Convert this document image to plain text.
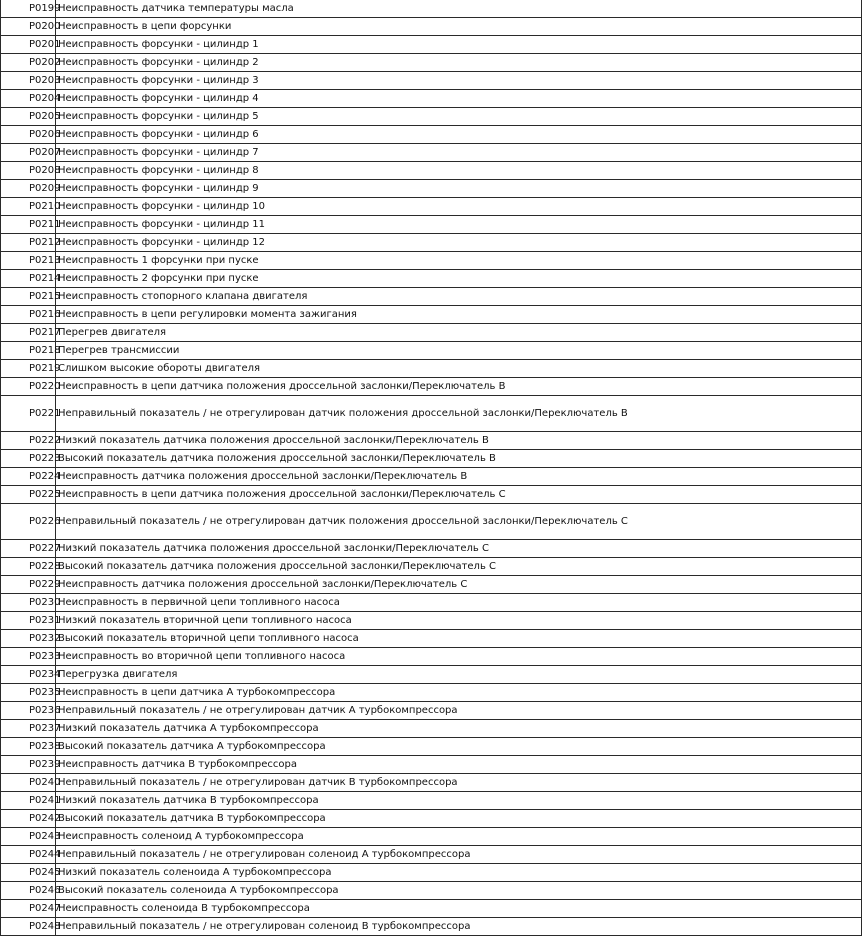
P0199	Неисправность датчика температуры масла
P0200	Неисправность в цепи форсунки
P0201	Неисправность форсунки - цилиндр 1
P0202	Неисправность форсунки - цилиндр 2
P0203	Неисправность форсунки - цилиндр 3
P0204	Неисправность форсунки - цилиндр 4
P0205	Неисправность форсунки - цилиндр 5
P0206	Неисправность форсунки - цилиндр 6
P0207	Неисправность форсунки - цилиндр 7
P0208	Неисправность форсунки - цилиндр 8
P0209	Неисправность форсунки - цилиндр 9
P0210	Неисправность форсунки - цилиндр 10
P0211	Неисправность форсунки - цилиндр 11
P0212	Неисправность форсунки - цилиндр 12
P0213	Неисправность 1 форсунки при пуске
P0214	Неисправность 2 форсунки при пуске
P0215	Неисправность стопорного клапана двигателя
P0216	Неисправность в цепи регулировки момента зажигания
P0217	Перегрев двигателя
P0218	Перегрев трансмиссии
P0219	Слишком высокие обороты двигателя
P0220	Неисправность в цепи датчика положения дроссельной заслонки/Переключатель В
P0221	Неправильный показатель / не отрегулирован датчик положения дроссельной заслонки/Переключатель В
P0222	Низкий показатель датчика положения дроссельной заслонки/Переключатель В
P0223	Высокий показатель датчика положения дроссельной заслонки/Переключатель В
P0224	Неисправность датчика положения дроссельной заслонки/Переключатель В
P0225	Неисправность в цепи датчика положения дроссельной заслонки/Переключатель С
P0226	Неправильный показатель / не отрегулирован датчик положения дроссельной заслонки/Переключатель С
P0227	Низкий показатель датчика положения дроссельной заслонки/Переключатель С
P0228	Высокий показатель датчика положения дроссельной заслонки/Переключатель С
P0229	Неисправность датчика положения дроссельной заслонки/Переключатель С
P0230	Неисправность в первичной цепи топливного насоса
P0231	Низкий показатель вторичной цепи топливного насоса
P0232	Высокий показатель вторичной цепи топливного насоса
P0233	Неисправность во вторичной цепи топливного насоса
P0234	Перегрузка двигателя
P0235	Неисправность в цепи датчика А турбокомпрессора
P0236	Неправильный показатель / не отрегулирован датчик А турбокомпрессора
P0237	Низкий показатель датчика А турбокомпрессора
P0238	Высокий показатель датчика А турбокомпрессора
P0239	Неисправность датчика В турбокомпрессора
P0240	Неправильный показатель / не отрегулирован датчик В турбокомпрессора
P0241	Низкий показатель датчика В турбокомпрессора
P0242	Высокий показатель датчика В турбокомпрессора
P0243	Неисправность соленоид А турбокомпрессора
P0244	Неправильный показатель / не отрегулирован соленоид А турбокомпрессора
P0245	Низкий показатель соленоида А турбокомпрессора
P0246	Высокий показатель соленоида А турбокомпрессора
P0247	Неисправность соленоида В турбокомпрессора
P0248	Неправильный показатель / не отрегулирован соленоид В турбокомпрессора
